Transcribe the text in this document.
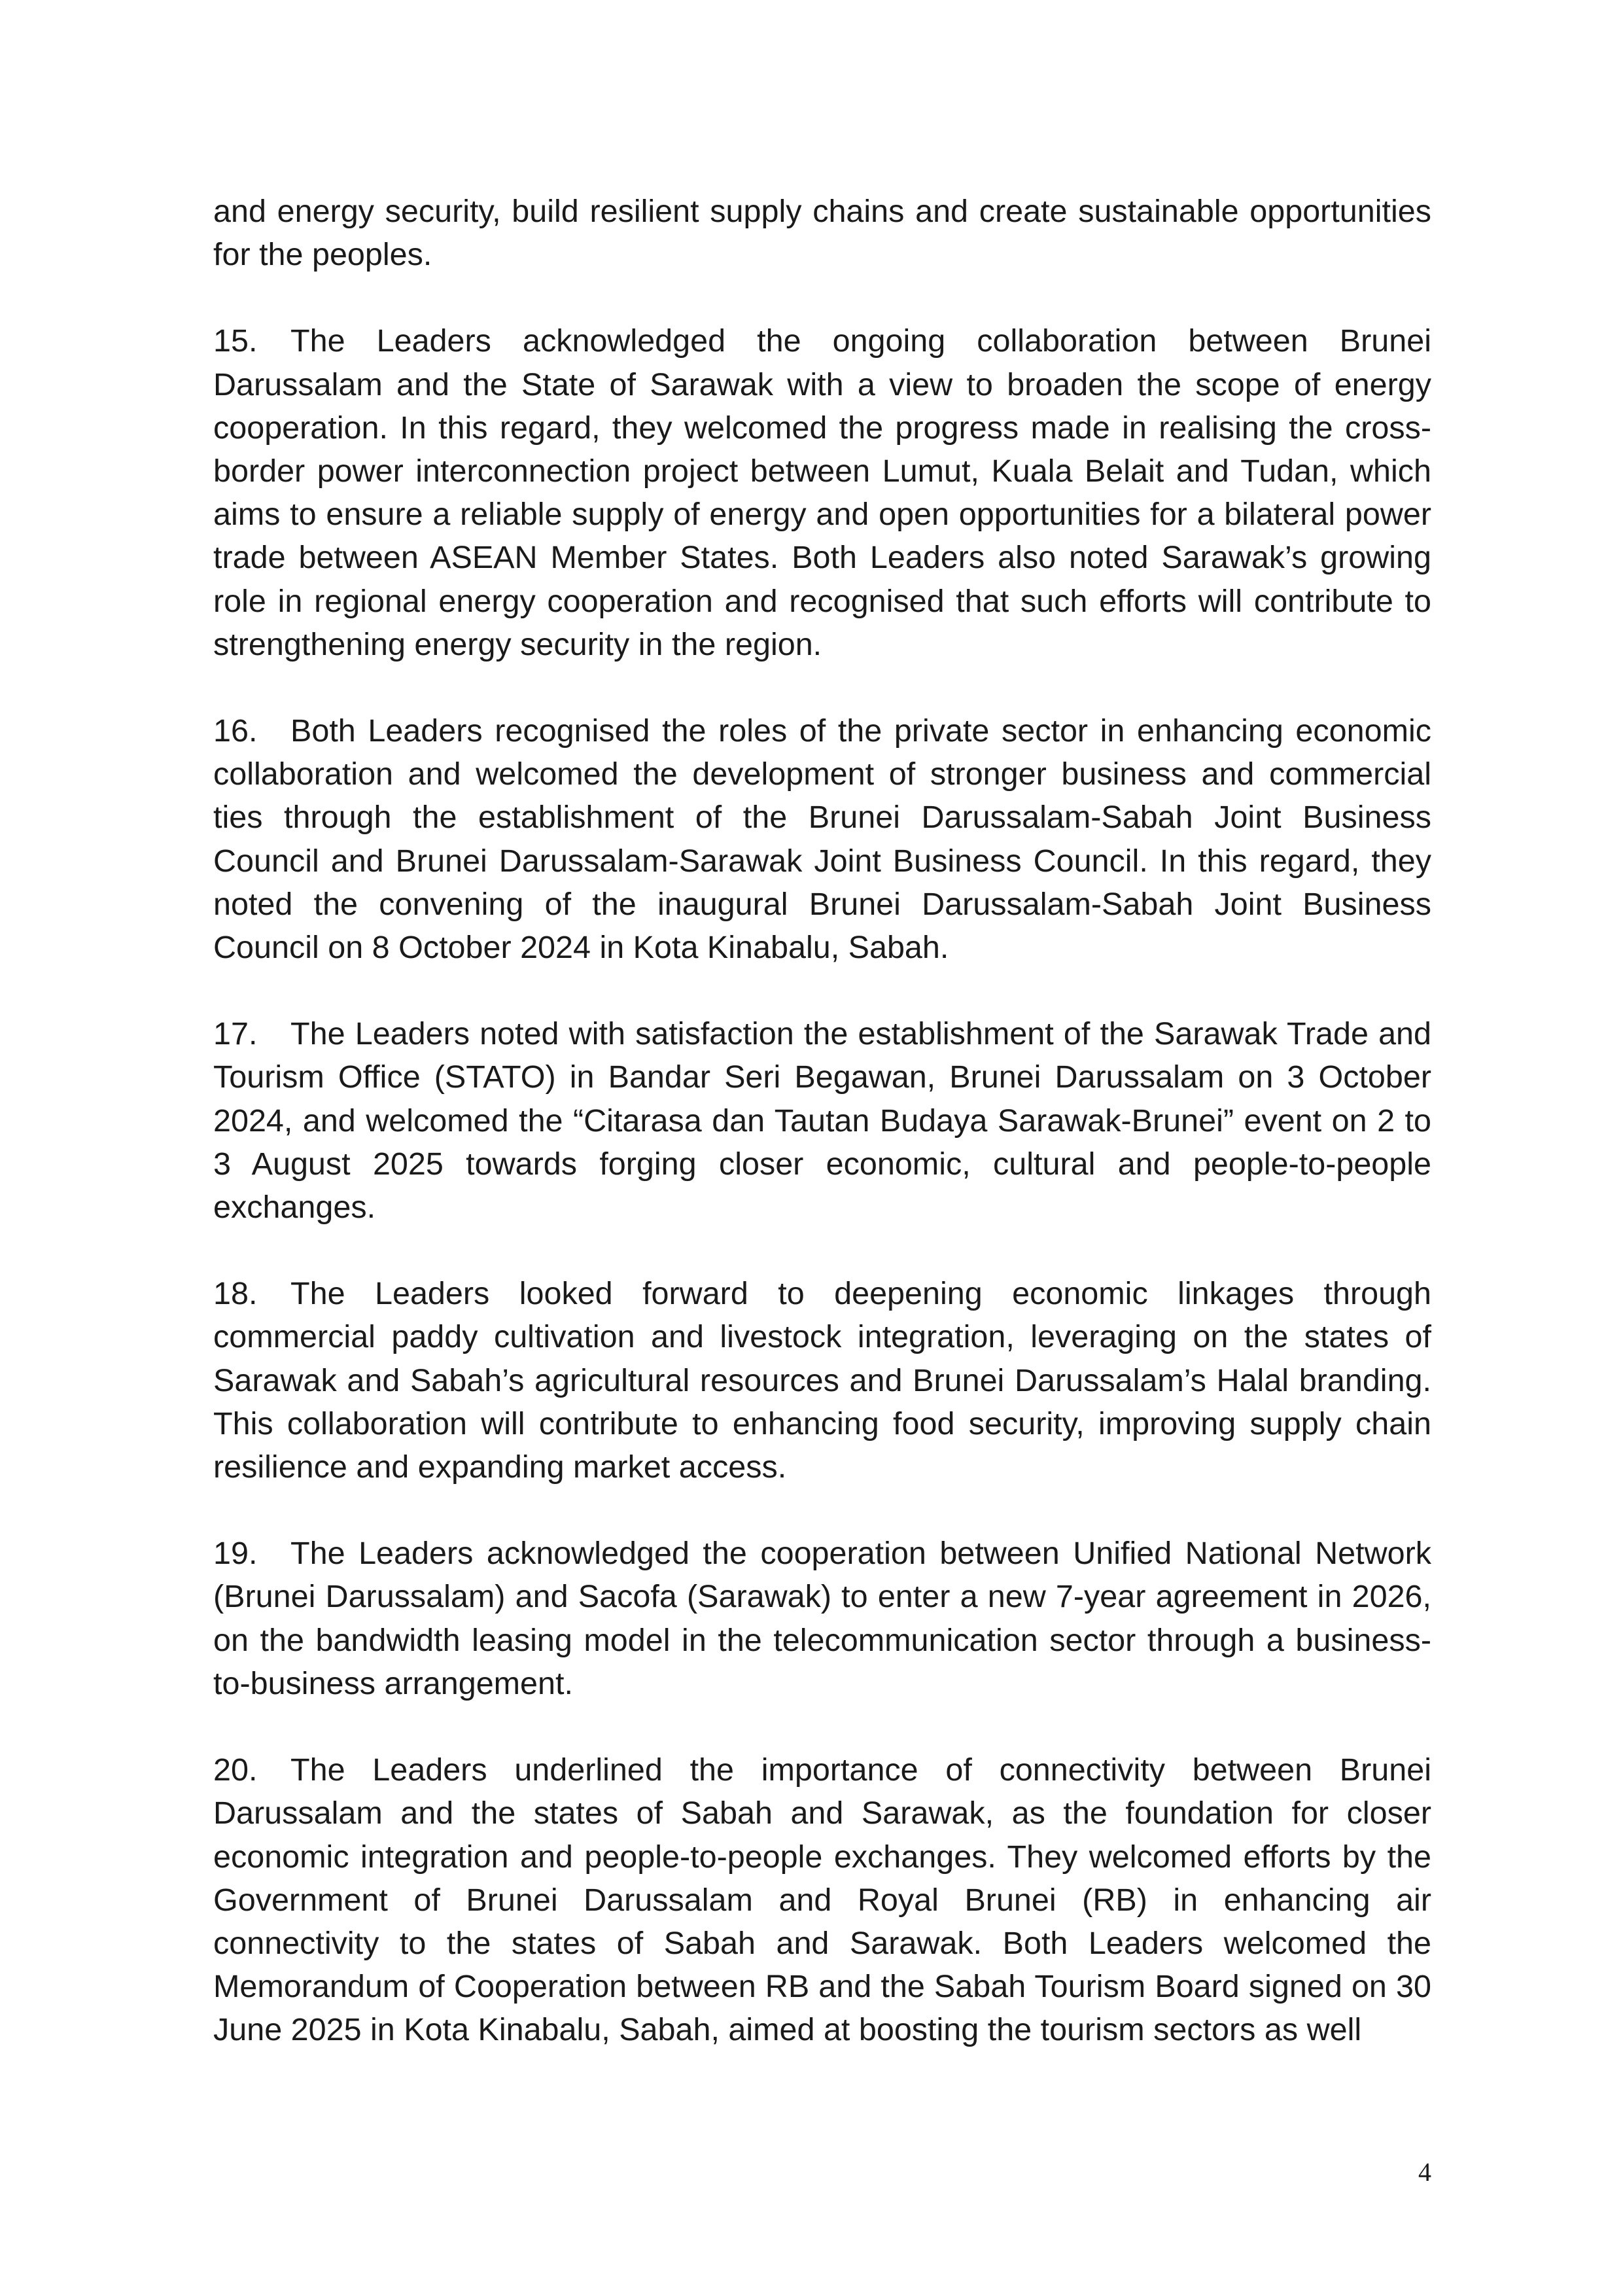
and energy security, build resilient supply chains and create sustainable opportunities for the peoples.

15. The Leaders acknowledged the ongoing collaboration between Brunei Darussalam and the State of Sarawak with a view to broaden the scope of energy cooperation. In this regard, they welcomed the progress made in realising the cross-border power interconnection project between Lumut, Kuala Belait and Tudan, which aims to ensure a reliable supply of energy and open opportunities for a bilateral power trade between ASEAN Member States. Both Leaders also noted Sarawak’s growing role in regional energy cooperation and recognised that such efforts will contribute to strengthening energy security in the region.

16. Both Leaders recognised the roles of the private sector in enhancing economic collaboration and welcomed the development of stronger business and commercial ties through the establishment of the Brunei Darussalam-Sabah Joint Business Council and Brunei Darussalam-Sarawak Joint Business Council. In this regard, they noted the convening of the inaugural Brunei Darussalam-Sabah Joint Business Council on 8 October 2024 in Kota Kinabalu, Sabah.

17. The Leaders noted with satisfaction the establishment of the Sarawak Trade and Tourism Office (STATO) in Bandar Seri Begawan, Brunei Darussalam on 3 October 2024, and welcomed the “Citarasa dan Tautan Budaya Sarawak-Brunei” event on 2 to 3 August 2025 towards forging closer economic, cultural and people-to-people exchanges.

18. The Leaders looked forward to deepening economic linkages through commercial paddy cultivation and livestock integration, leveraging on the states of Sarawak and Sabah’s agricultural resources and Brunei Darussalam’s Halal branding. This collaboration will contribute to enhancing food security, improving supply chain resilience and expanding market access.

19. The Leaders acknowledged the cooperation between Unified National Network (Brunei Darussalam) and Sacofa (Sarawak) to enter a new 7-year agreement in 2026, on the bandwidth leasing model in the telecommunication sector through a business-to-business arrangement.

20. The Leaders underlined the importance of connectivity between Brunei Darussalam and the states of Sabah and Sarawak, as the foundation for closer economic integration and people-to-people exchanges. They welcomed efforts by the Government of Brunei Darussalam and Royal Brunei (RB) in enhancing air connectivity to the states of Sabah and Sarawak. Both Leaders welcomed the Memorandum of Cooperation between RB and the Sabah Tourism Board signed on 30 June 2025 in Kota Kinabalu, Sabah, aimed at boosting the tourism sectors as well

4
